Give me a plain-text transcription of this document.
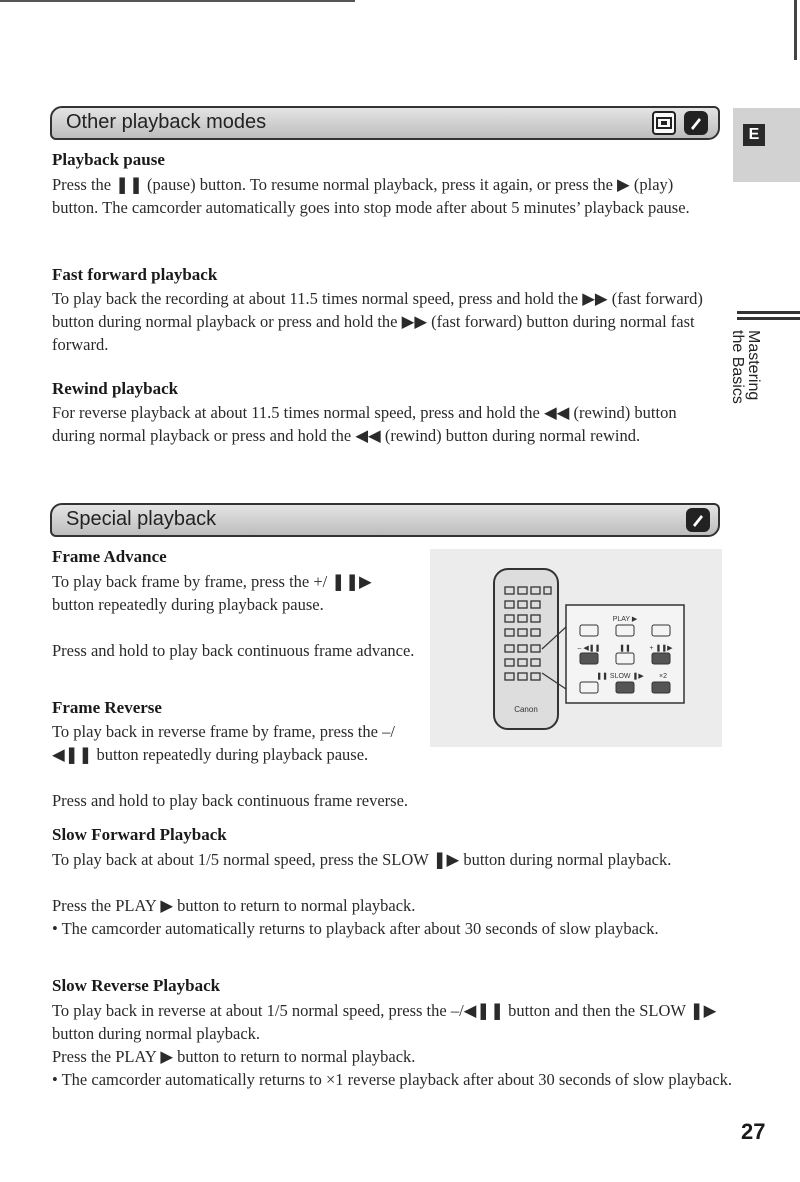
E
Mastering
the Basics
Other playback modes
Playback pause
Press the ❚❚ (pause) button. To resume normal playback, press it again, or press the ▶ (play) button. The camcorder automatically goes into stop mode after about 5 minutes’ playback pause.
Fast forward playback
To play back the recording at about 11.5 times normal speed, press and hold the ▶▶ (fast forward) button during normal playback or press and hold the ▶▶ (fast forward) button during normal fast forward.
Rewind playback
For reverse playback at about 11.5 times normal speed, press and hold the ◀◀ (rewind) button during normal playback or press and hold the ◀◀ (rewind) button during normal rewind.
Special playback
Canon
PLAY ▶
– ◀❚❚	❚❚	+ ❚❚▶
❚❚ SLOW ❚▶ ×2
Frame Advance
To play back frame by frame, press the +/ ❚❚▶ button repeatedly during playback pause.
Press and hold to play back continuous frame advance.
Frame Reverse
To play back in reverse frame by frame, press the –/◀❚❚ button repeatedly during playback pause.
Press and hold to play back continuous frame reverse.
Slow Forward Playback
To play back at about 1/5 normal speed, press the SLOW ❚▶ button during normal playback.
Press the PLAY ▶ button to return to normal playback.
• The camcorder automatically returns to playback after about 30 seconds of slow playback.
Slow Reverse Playback
To play back in reverse at about 1/5 normal speed, press the –/◀❚❚ button and then the SLOW ❚▶ button during normal playback.
Press the PLAY ▶ button to return to normal playback.
• The camcorder automatically returns to ×1 reverse playback after about 30 seconds of slow playback.
27
